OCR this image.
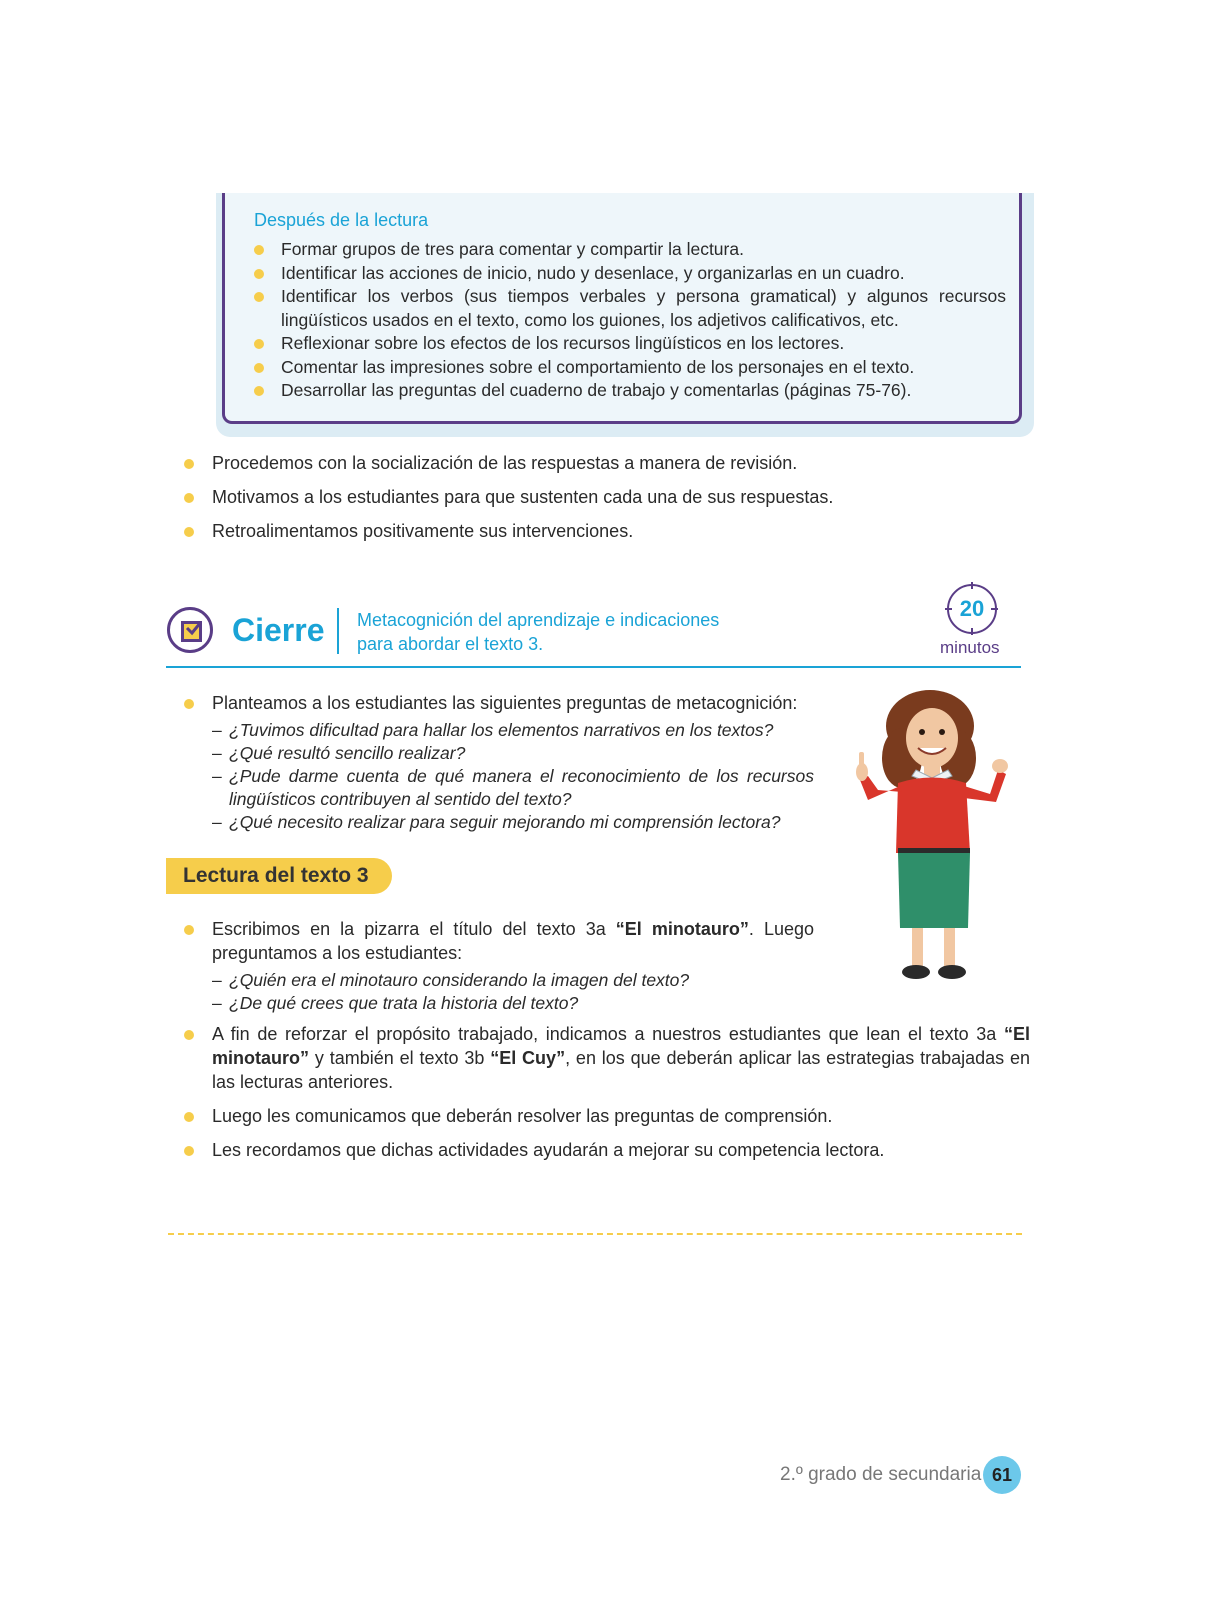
Después de la lectura
Formar grupos de tres para comentar y compartir la lectura.
Identificar las acciones de inicio, nudo y desenlace, y organizarlas en un cuadro.
Identificar los verbos (sus tiempos verbales y persona gramatical) y algunos recursos lingüísticos usados en el texto, como los guiones, los adjetivos calificativos, etc.
Reflexionar sobre los efectos de los recursos lingüísticos en los lectores.
Comentar las impresiones sobre el comportamiento de los personajes en el texto.
Desarrollar las preguntas del cuaderno de trabajo y comentarlas (páginas 75-76).
Procedemos con la socialización de las respuestas a manera de revisión.
Motivamos a los estudiantes para que sustenten cada una de sus respuestas.
Retroalimentamos positivamente sus intervenciones.
Cierre Metacognición del aprendizaje e indicaciones
para abordar el texto 3.
20
minutos
Planteamos a los estudiantes las siguientes preguntas de metacognición:
– ¿Tuvimos dificultad para hallar los elementos narrativos en los textos?
– ¿Qué resultó sencillo realizar?
– ¿Pude darme cuenta de qué manera el reconocimiento de los recursos lingüísticos contribuyen al sentido del texto?
– ¿Qué necesito realizar para seguir mejorando mi comprensión lectora?
Lectura del texto 3
Escribimos en la pizarra el título del texto 3a “El minotauro”. Luego preguntamos a los estudiantes:
– ¿Quién era el minotauro considerando la imagen del texto?
– ¿De qué crees que trata la historia del texto?
A fin de reforzar el propósito trabajado, indicamos a nuestros estudiantes que lean el texto 3a “El minotauro” y también el texto 3b “El Cuy”, en los que deberán aplicar las estrategias trabajadas en las lecturas anteriores.
Luego les comunicamos que deberán resolver las preguntas de comprensión.
Les recordamos que dichas actividades ayudarán a mejorar su competencia lectora.
2.º grado de secundaria 61
